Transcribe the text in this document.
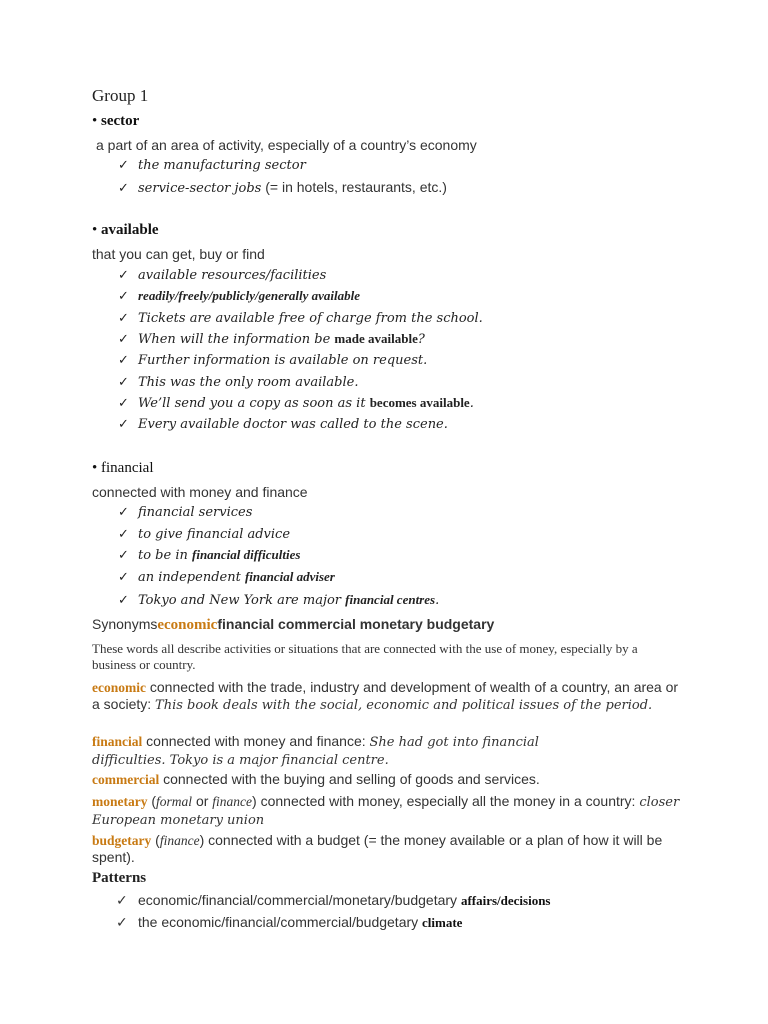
Group 1
• sector
a part of an area of activity, especially of a country’s economy
✓ the manufacturing sector
✓ service-sector jobs (= in hotels, restaurants, etc.)
• available
that you can get, buy or find
✓ available resources/facilities
✓ readily/freely/publicly/generally available
✓ Tickets are available free of charge from the school.
✓ When will the information be made available?
✓ Further information is available on request.
✓ This was the only room available.
✓ We’ll send you a copy as soon as it becomes available.
✓ Every available doctor was called to the scene.
• financial
connected with money and finance
✓ financial services
✓ to give financial advice
✓ to be in financial difficulties
✓ an independent financial adviser
✓ Tokyo and New York are major financial centres.
Synonymseconomicfinancial commercial monetary budgetary
These words all describe activities or situations that are connected with the use of money, especially by a business or country.
economic connected with the trade, industry and development of wealth of a country, an area or a society: This book deals with the social, economic and political issues of the period.
financial connected with money and finance: She had got into financial difficulties. Tokyo is a major financial centre.
commercial connected with the buying and selling of goods and services.
monetary (formal or finance) connected with money, especially all the money in a country: closer European monetary union
budgetary (finance) connected with a budget (= the money available or a plan of how it will be spent).
Patterns
✓ economic/financial/commercial/monetary/budgetary affairs/decisions
✓ the economic/financial/commercial/budgetary climate
